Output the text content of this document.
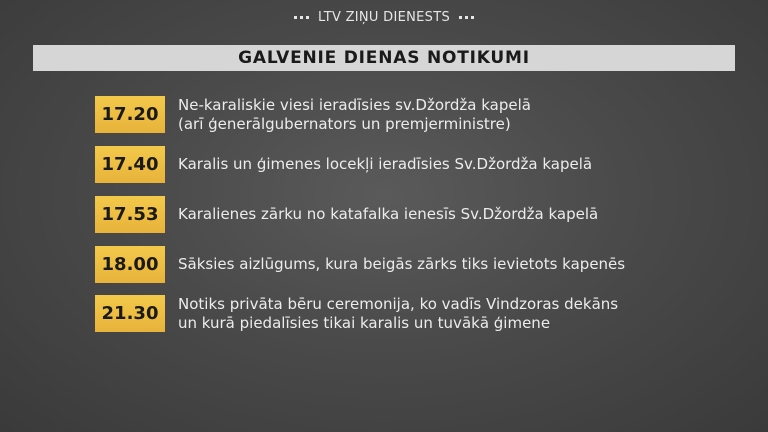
LTV ZIŅU DIENESTS
GALVENIE DIENAS NOTIKUMI
17.20	Ne-karaliskie viesi ieradīsies sv.Džordža kapelā
(arī ģenerālgubernators un premjerministre)
17.40	Karalis un ģimenes locekļi ieradīsies Sv.Džordža kapelā
17.53	Karalienes zārku no katafalka ienesīs Sv.Džordža kapelā
18.00	Sāksies aizlūgums, kura beigās zārks tiks ievietots kapenēs
21.30	Notiks privāta bēru ceremonija, ko vadīs Vindzoras dekāns
un kurā piedalīsies tikai karalis un tuvākā ģimene
